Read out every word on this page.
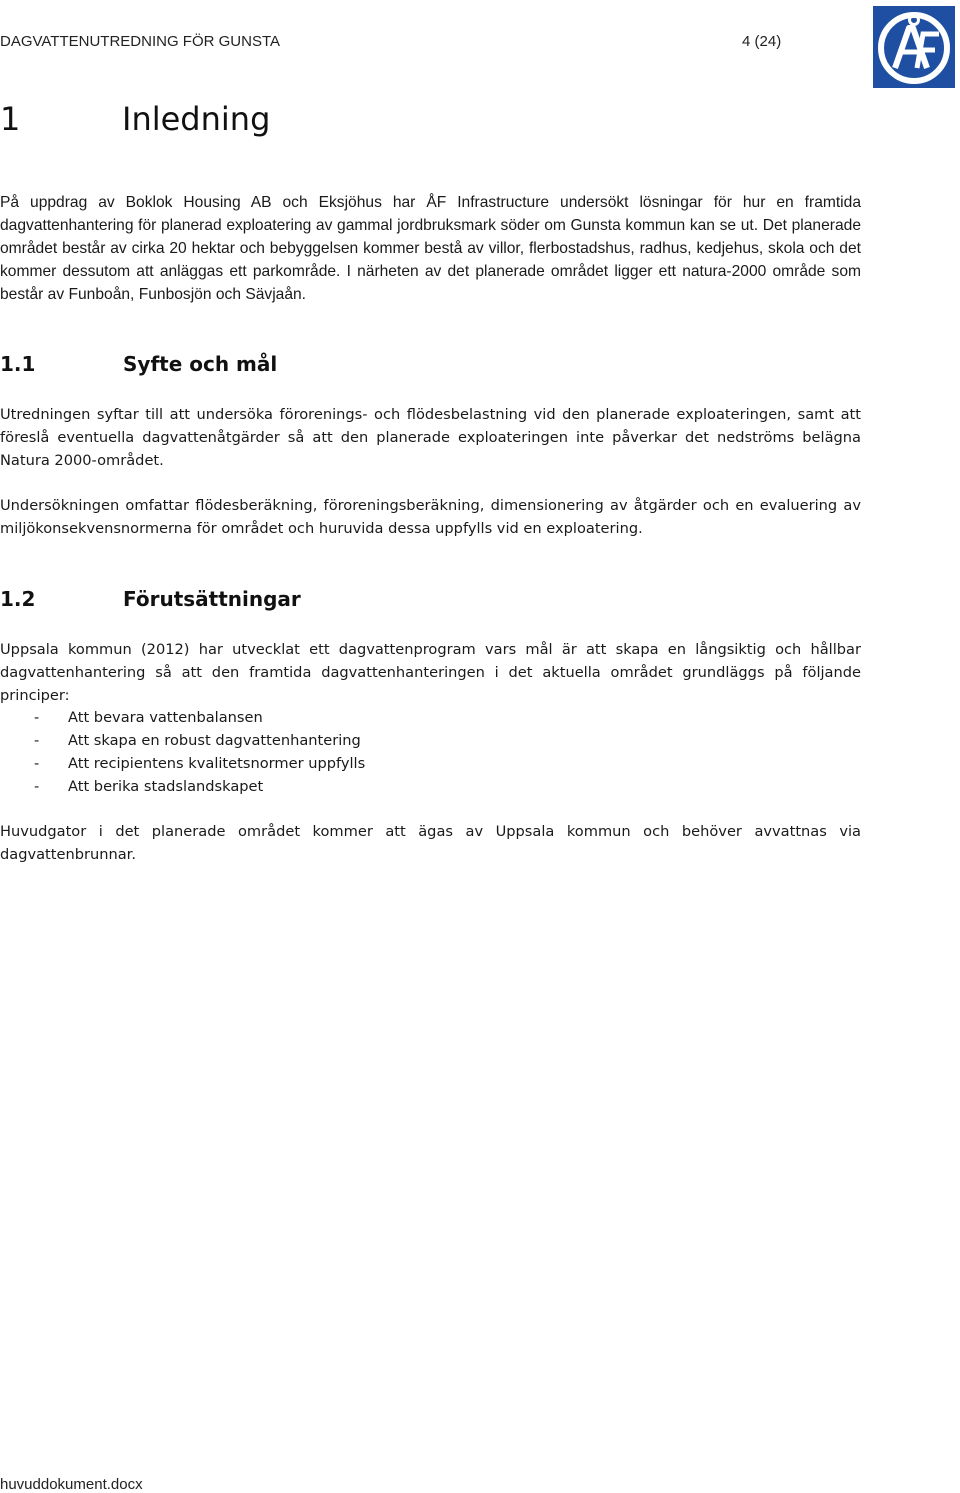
DAGVATTENUTREDNING FÖR GUNSTA	4 (24)
1	Inledning

På uppdrag av Boklok Housing AB och Eksjöhus har ÅF Infrastructure undersökt lösningar för hur en framtida dagvattenhantering för planerad exploatering av gammal jordbruksmark söder om Gunsta kommun kan se ut. Det planerade området består av cirka 20 hektar och bebyggelsen kommer bestå av villor, flerbostadshus, radhus, kedjehus, skola och det kommer dessutom att anläggas ett parkområde. I närheten av det planerade området ligger ett natura-2000 område som består av Funboån, Funbosjön och Sävjaån.

1.1	Syfte och mål

Utredningen syftar till att undersöka förorenings- och flödesbelastning vid den planerade exploateringen, samt att föreslå eventuella dagvattenåtgärder så att den planerade exploateringen inte påverkar det nedströms belägna Natura 2000-området.

Undersökningen omfattar flödesberäkning, föroreningsberäkning, dimensionering av åtgärder och en evaluering av miljökonsekvensnormerna för området och huruvida dessa uppfylls vid en exploatering.

1.2	Förutsättningar

Uppsala kommun (2012) har utvecklat ett dagvattenprogram vars mål är att skapa en långsiktig och hållbar dagvattenhantering så att den framtida dagvattenhanteringen i det aktuella området grundläggs på följande principer:

- Att bevara vattenbalansen
- Att skapa en robust dagvattenhantering
- Att recipientens kvalitetsnormer uppfylls
- Att berika stadslandskapet

Huvudgator i det planerade området kommer att ägas av Uppsala kommun och behöver avvattnas via dagvattenbrunnar.

huvuddokument.docx
